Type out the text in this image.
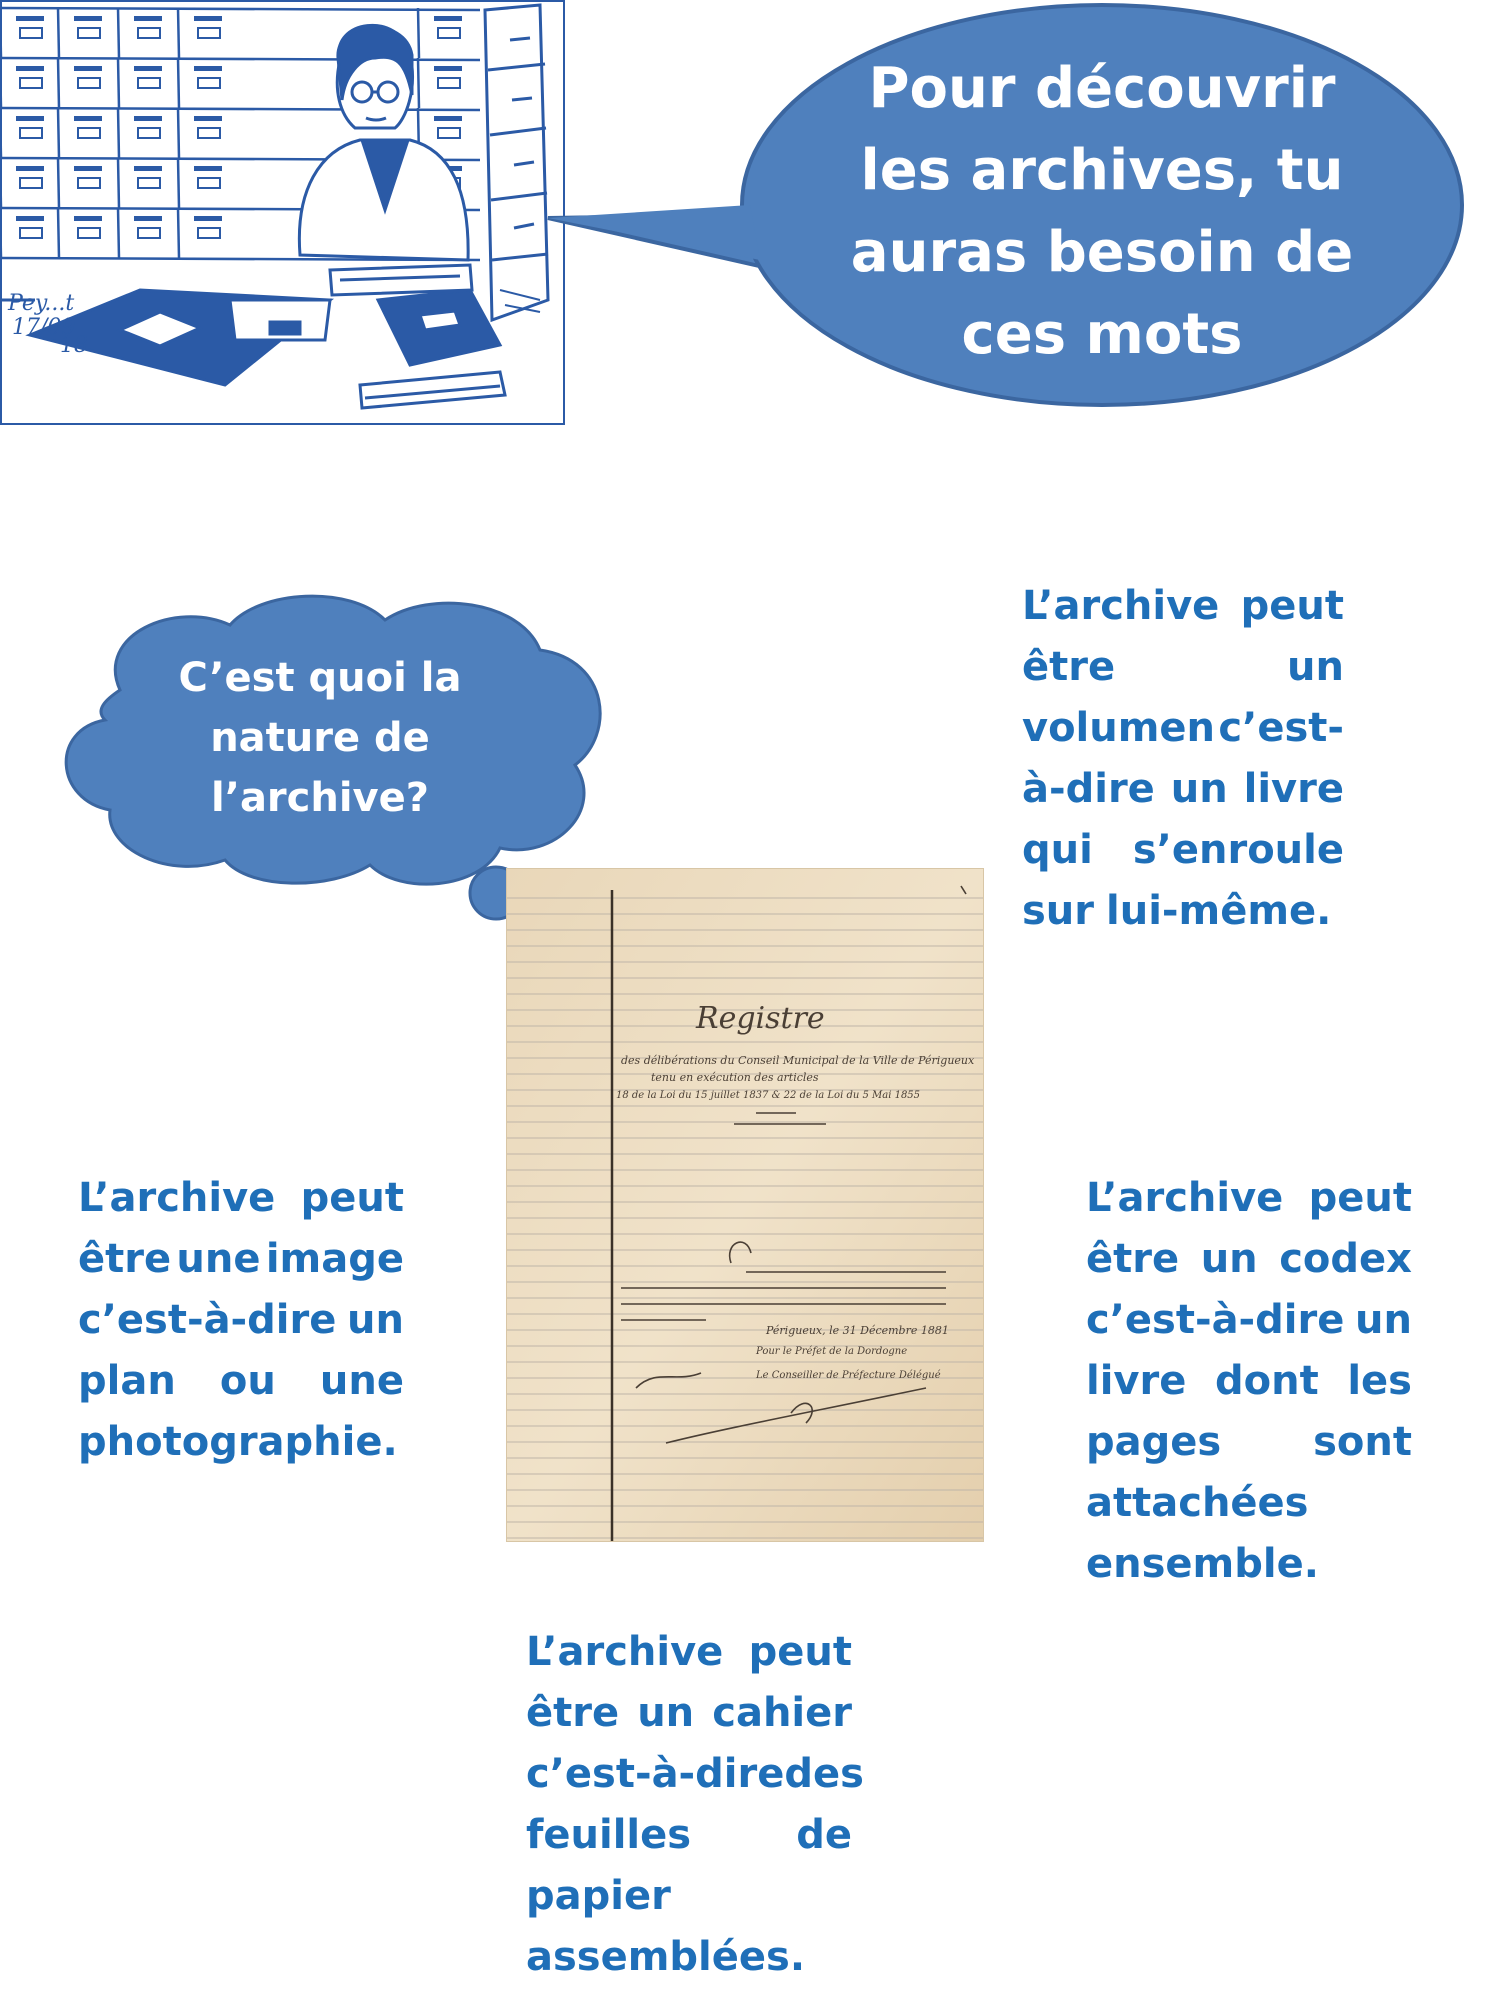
Pey...t
17/09
18
Pour découvrir
les archives, tu
auras besoin de
ces mots
C’est quoi la
nature de
l’archive?
L’archive peut
être	un
volumen c’est-
à-dire un livre
qui s’enroule
sur lui-même.
L’archive peut
être une image
c’est-à-dire un
plan ou une
photographie.
L’archive peut
être un codex
c’est-à-dire un
livre dont les
pages sont
attachées
ensemble.
L’archive peut
être un cahier
c’est-à-dire des
feuilles	de
papier
assemblées.
Registre
des délibérations du Conseil Municipal de la Ville de Périgueux
tenu en exécution des articles
18 de la Loi du 15 juillet 1837 & 22 de la Loi du 5 Mai 1855
Périgueux, le 31 Décembre 1881
Pour le Préfet de la Dordogne
Le Conseiller de Préfecture Délégué
